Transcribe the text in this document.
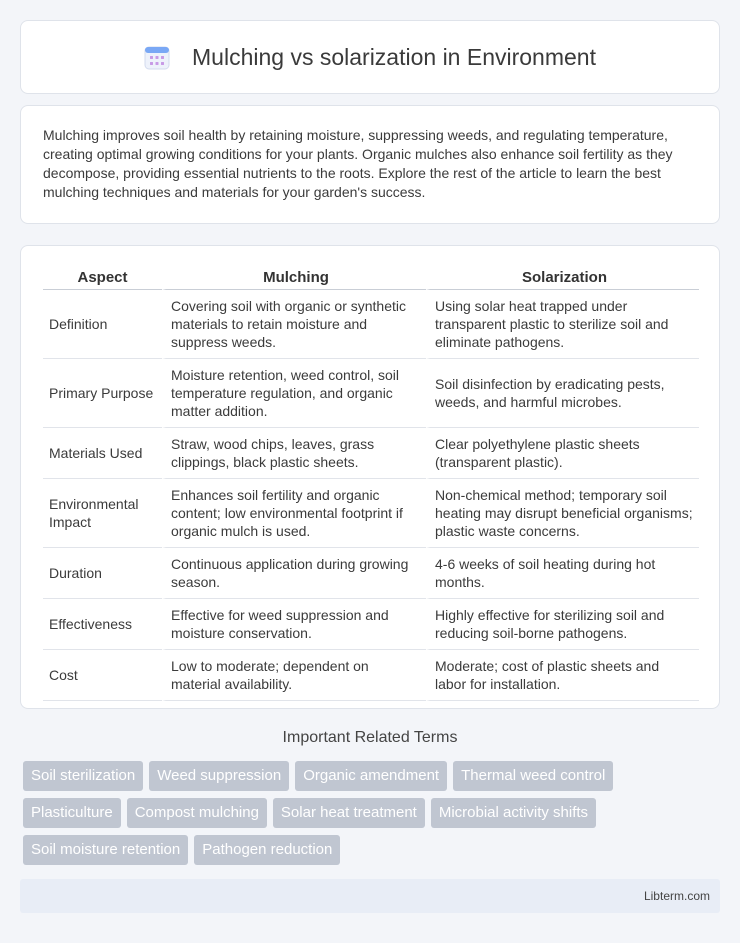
Mulching vs solarization in Environment

Mulching improves soil health by retaining moisture, suppressing weeds, and regulating temperature, creating optimal growing conditions for your plants. Organic mulches also enhance soil fertility as they decompose, providing essential nutrients to the roots. Explore the rest of the article to learn the best mulching techniques and materials for your garden's success.

Aspect	Mulching	Solarization
Definition	Covering soil with organic or synthetic materials to retain moisture and suppress weeds.	Using solar heat trapped under transparent plastic to sterilize soil and eliminate pathogens.
Primary Purpose	Moisture retention, weed control, soil temperature regulation, and organic matter addition.	Soil disinfection by eradicating pests, weeds, and harmful microbes.
Materials Used	Straw, wood chips, leaves, grass clippings, black plastic sheets.	Clear polyethylene plastic sheets (transparent plastic).
Environmental Impact	Enhances soil fertility and organic content; low environmental footprint if organic mulch is used.	Non-chemical method; temporary soil heating may disrupt beneficial organisms; plastic waste concerns.
Duration	Continuous application during growing season.	4-6 weeks of soil heating during hot months.
Effectiveness	Effective for weed suppression and moisture conservation.	Highly effective for sterilizing soil and reducing soil-borne pathogens.
Cost	Low to moderate; dependent on material availability.	Moderate; cost of plastic sheets and labor for installation.
Important Related Terms
Soil sterilization	Weed suppression	Organic amendment	Thermal weed control
Plasticulture	Compost mulching	Solar heat treatment	Microbial activity shifts
Soil moisture retention	Pathogen reduction
Libterm.com
